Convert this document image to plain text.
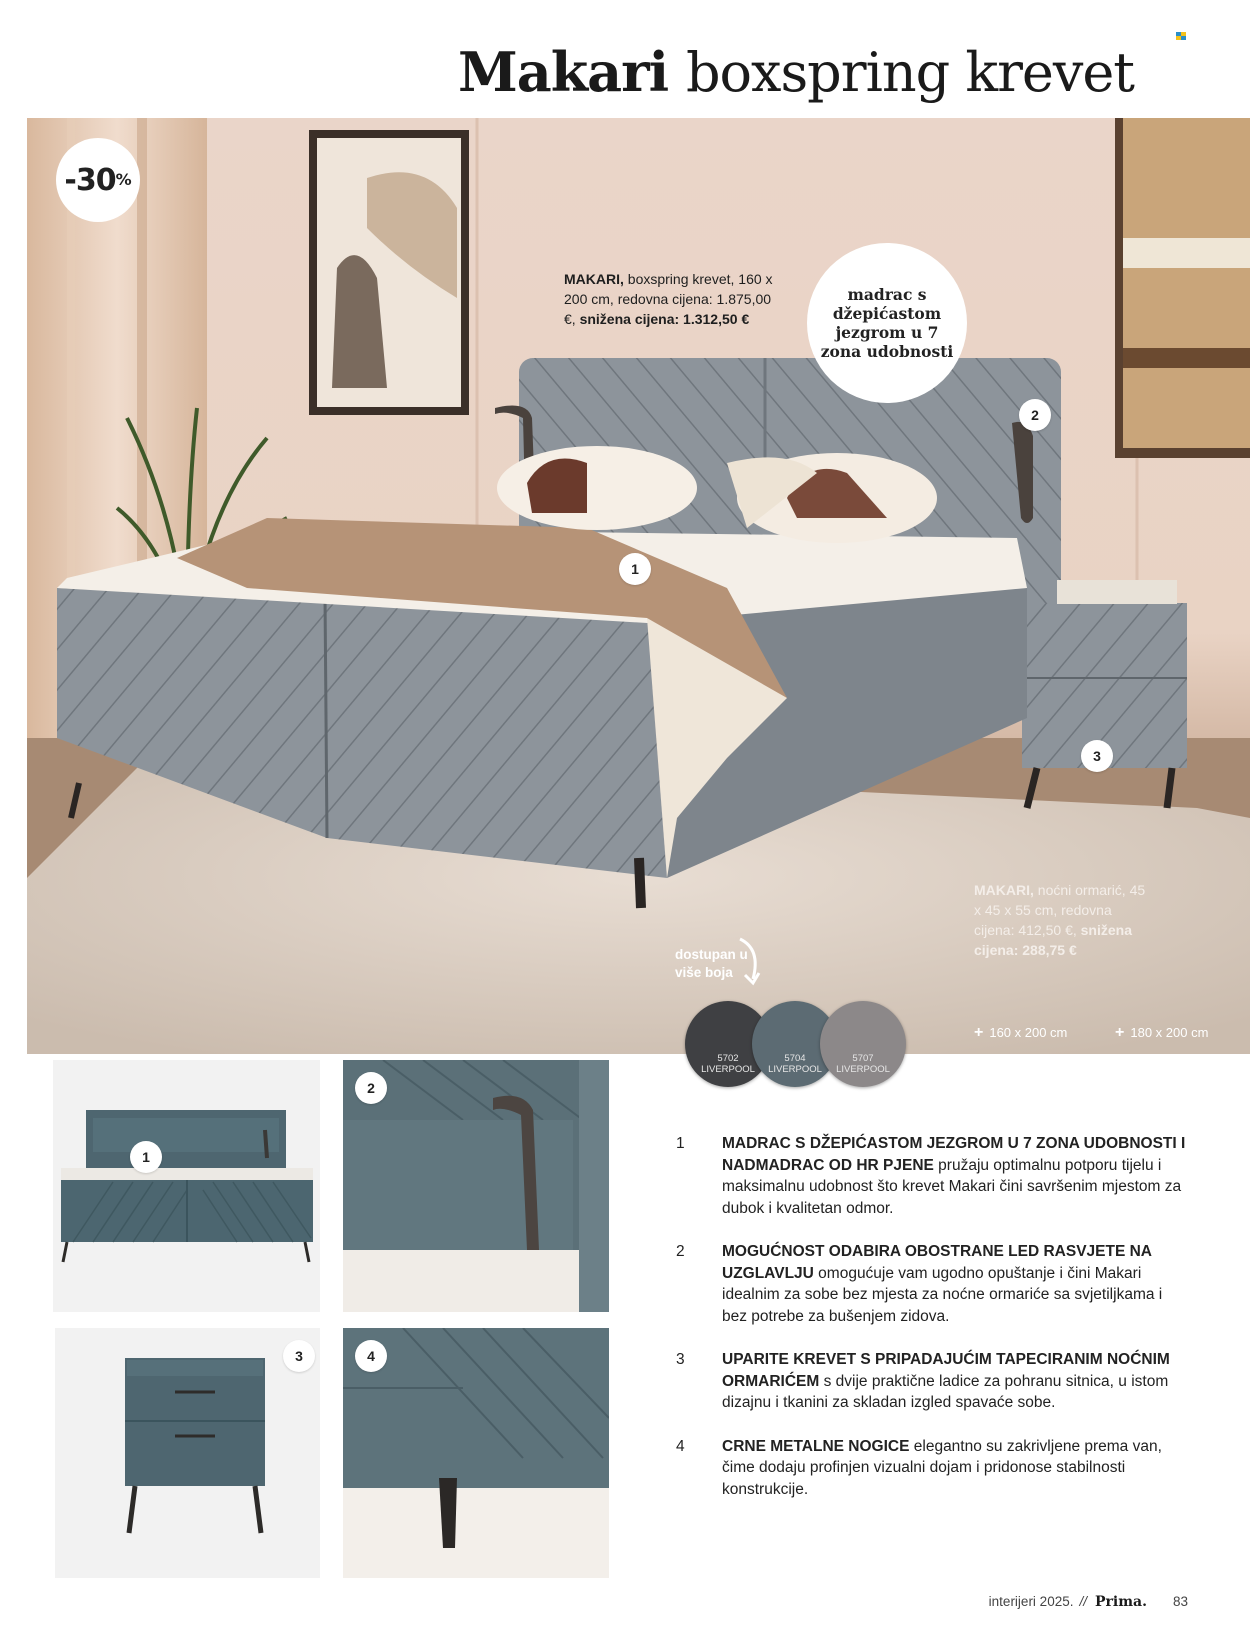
Makari boxspring krevet
-30 %
MAKARI, boxspring krevet, 160 x 200 cm, redovna cijena: 1.875,00 €, snižena cijena: 1.312,50 €
madrac s džepićastom jezgrom u 7 zona udobnosti
2
1
3
MAKARI, noćni ormarić, 45 x 45 x 55 cm, redovna cijena: 412,50 €, snižena cijena: 288,75 €
dostupan u više boja
5702
LIVERPOOL
5704
LIVERPOOL
5707
LIVERPOOL
+ 160 x 200 cm	+ 180 x 200 cm
1
2
3	4
1 MADRAC S DŽEPIĆASTOM JEZGROM U 7 ZONA UDOBNOSTI I NADMADRAC OD HR PJENE pružaju optimalnu potporu tijelu i maksimalnu udobnost što krevet Makari čini savršenim mjestom za dubok i kvalitetan odmor.
2 MOGUĆNOST ODABIRA OBOSTRANE LED RASVJETE NA UZGLAVLJU omogućuje vam ugodno opuštanje i čini Makari idealnim za sobe bez mjesta za noćne ormariće sa svjetiljkama i bez potrebe za bušenjem zidova.
3 UPARITE KREVET S PRIPADAJUĆIM TAPECIRANIM NOĆNIM ORMARIĆEM s dvije praktične ladice za pohranu sitnica, u istom dizajnu i tkanini za skladan izgled spavaće sobe.
4 CRNE METALNE NOGICE elegantno su zakrivljene prema van, čime dodaju profinjen vizualni dojam i pridonose stabilnosti konstrukcije.
interijeri 2025. // Prima. 83
